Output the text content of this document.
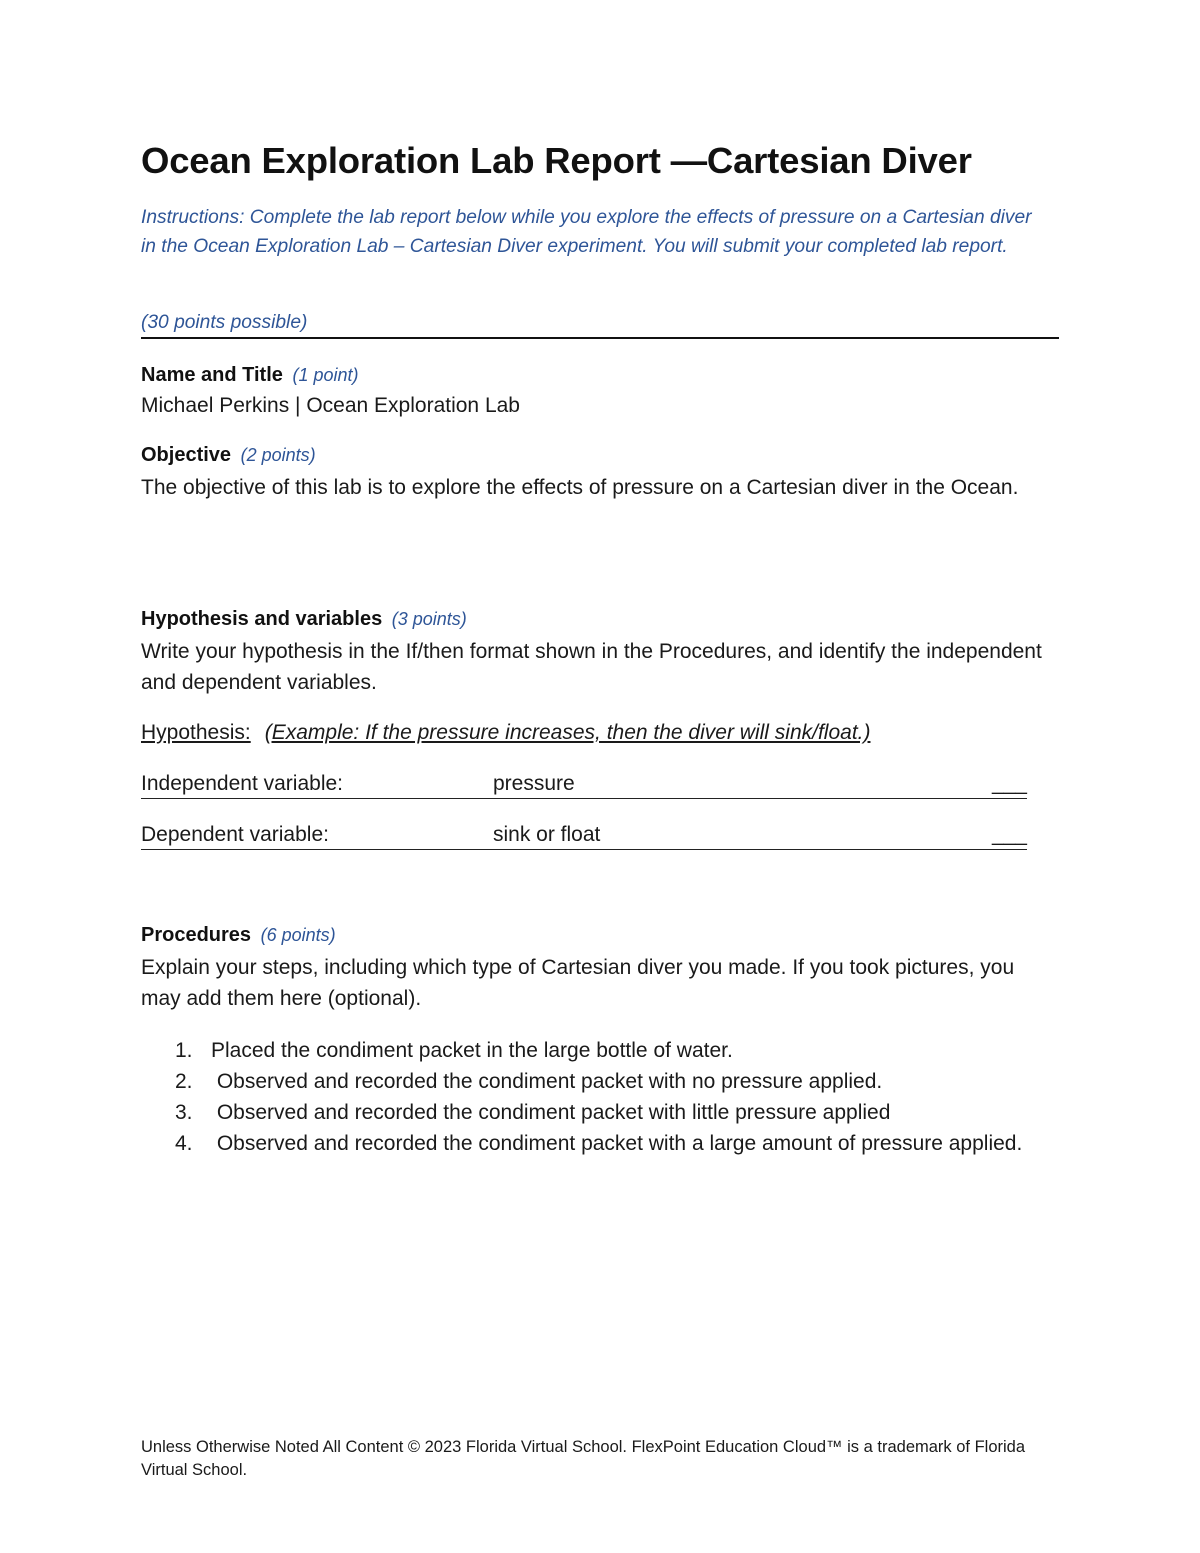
Ocean Exploration Lab Report —Cartesian Diver
Instructions: Complete the lab report below while you explore the effects of pressure on a Cartesian diver in the Ocean Exploration Lab – Cartesian Diver experiment. You will submit your completed lab report.
(30 points possible)
Name and Title (1 point)
Michael Perkins | Ocean Exploration Lab
Objective (2 points)
The objective of this lab is to explore the effects of pressure on a Cartesian diver in the Ocean.
Hypothesis and variables (3 points)
Write your hypothesis in the If/then format shown in the Procedures, and identify the independent and dependent variables.
Hypothesis: (Example: If the pressure increases, then the diver will sink/float.)
Independent variable:	pressure	___
Dependent variable:	sink or float	___
Procedures (6 points)
Explain your steps, including which type of Cartesian diver you made. If you took pictures, you may add them here (optional).
1. Placed the condiment packet in the large bottle of water.
2. Observed and recorded the condiment packet with no pressure applied.
3. Observed and recorded the condiment packet with little pressure applied
4. Observed and recorded the condiment packet with a large amount of pressure applied.
Unless Otherwise Noted All Content © 2023 Florida Virtual School. FlexPoint Education Cloud™ is a trademark of Florida Virtual School.
